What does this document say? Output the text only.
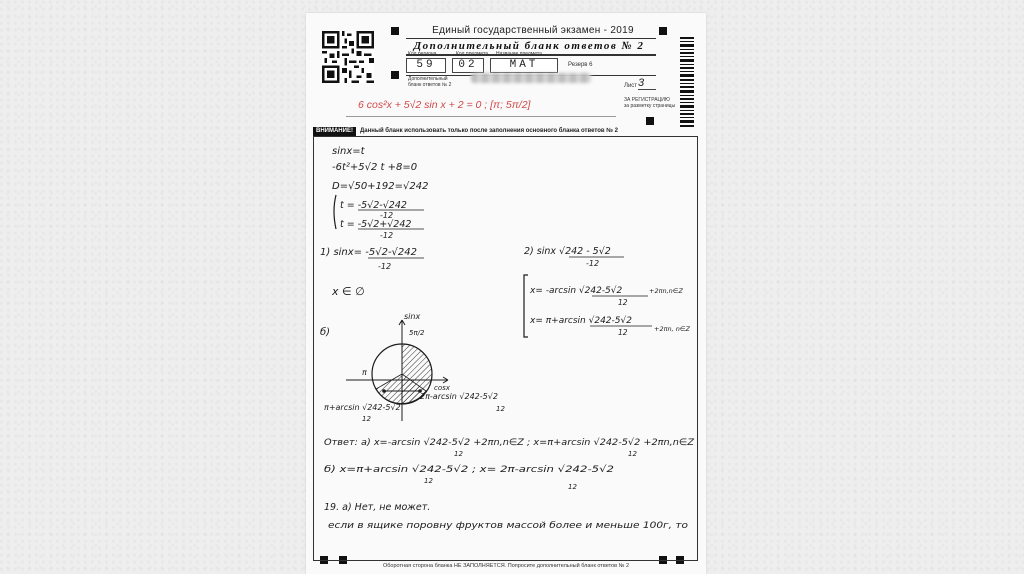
Единый государственный экзамен - 2019
Дополнительный бланк ответов № 2
Код региона	Код предмета Название предмета
59	02	МАТ	Резерв 6
Дополнительный
бланк ответов № 2	Лист 3
ЗА РЕГИСТРАЦИЮ
за разметку страницы
6 cos²x + 5√2 sin x + 2 = 0 ; [π; 5π/2]
ВНИМАНИЕ! Данный бланк использовать только после заполнения основного бланка ответов № 2
sinx=t
-6t²+5√2 t +8=0
D=√50+192=√242
t = -5√2-√242
-12
t = -5√2+√242
-12
1) sinx= -5√2-√242
-12
x ∈ ∅
2) sinx √242 - 5√2
-12
x= -arcsin √242-5√2
12
+2πn,n∈Z
x= π+arcsin √242-5√2
12	+2πn, n∈Z
б)
sinx
5π/2
π
cosx
π+arcsin √242-5√2
12
2π-arcsin √242-5√2
12
Ответ: а) x=-arcsin √242-5√2 +2πn,n∈Z ; x=π+arcsin √242-5√2 +2πn,n∈Z
12	12
б) x=π+arcsin √242-5√2 ; x= 2π-arcsin √242-5√2
12
12
19. а) Нет, не может.
если в ящике поровну фруктов массой более и меньше 100г, то
Оборотная сторона бланка НЕ ЗАПОЛНЯЕТСЯ. Попросите дополнительный бланк ответов № 2
